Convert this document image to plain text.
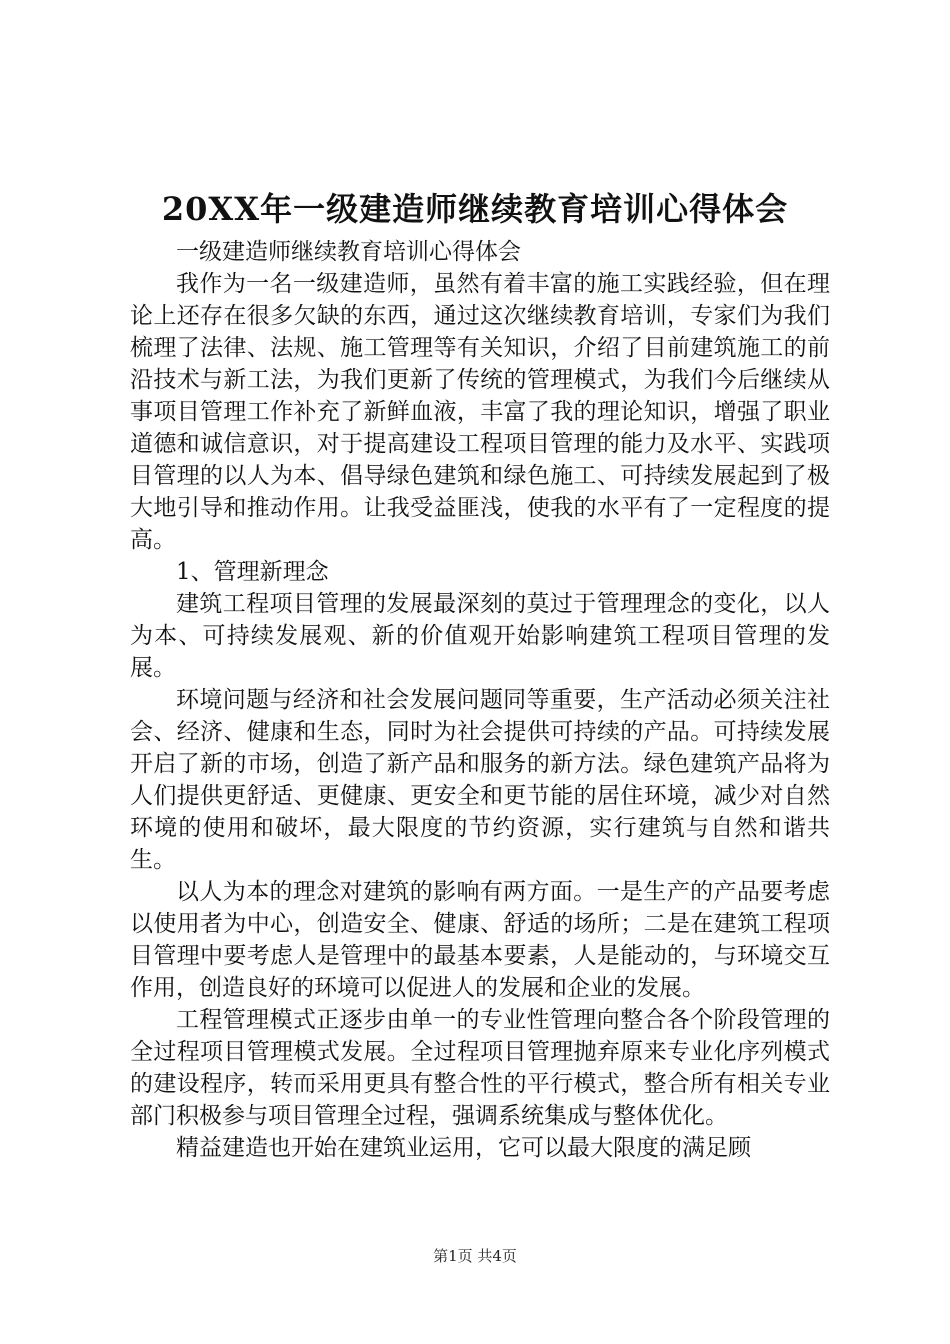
20XX年一级建造师继续教育培训心得体会

一级建造师继续教育培训心得体会

我作为一名一级建造师，虽然有着丰富的施工实践经验，但在理论上还存在很多欠缺的东西，通过这次继续教育培训，专家们为我们梳理了法律、法规、施工管理等有关知识，介绍了目前建筑施工的前沿技术与新工法，为我们更新了传统的管理模式，为我们今后继续从事项目管理工作补充了新鲜血液，丰富了我的理论知识，增强了职业道德和诚信意识，对于提高建设工程项目管理的能力及水平、实践项目管理的以人为本、倡导绿色建筑和绿色施工、可持续发展起到了极大地引导和推动作用。让我受益匪浅，使我的水平有了一定程度的提高。

1、管理新理念

建筑工程项目管理的发展最深刻的莫过于管理理念的变化，以人为本、可持续发展观、新的价值观开始影响建筑工程项目管理的发展。

环境问题与经济和社会发展问题同等重要，生产活动必须关注社会、经济、健康和生态，同时为社会提供可持续的产品。可持续发展开启了新的市场，创造了新产品和服务的新方法。绿色建筑产品将为人们提供更舒适、更健康、更安全和更节能的居住环境，减少对自然环境的使用和破坏，最大限度的节约资源，实行建筑与自然和谐共生。

以人为本的理念对建筑的影响有两方面。一是生产的产品要考虑以使用者为中心，创造安全、健康、舒适的场所；二是在建筑工程项目管理中要考虑人是管理中的最基本要素，人是能动的，与环境交互作用，创造良好的环境可以促进人的发展和企业的发展。

工程管理模式正逐步由单一的专业性管理向整合各个阶段管理的全过程项目管理模式发展。全过程项目管理抛弃原来专业化序列模式的建设程序，转而采用更具有整合性的平行模式，整合所有相关专业部门积极参与项目管理全过程，强调系统集成与整体优化。

精益建造也开始在建筑业运用，它可以最大限度的满足顾

第1页 共4页
